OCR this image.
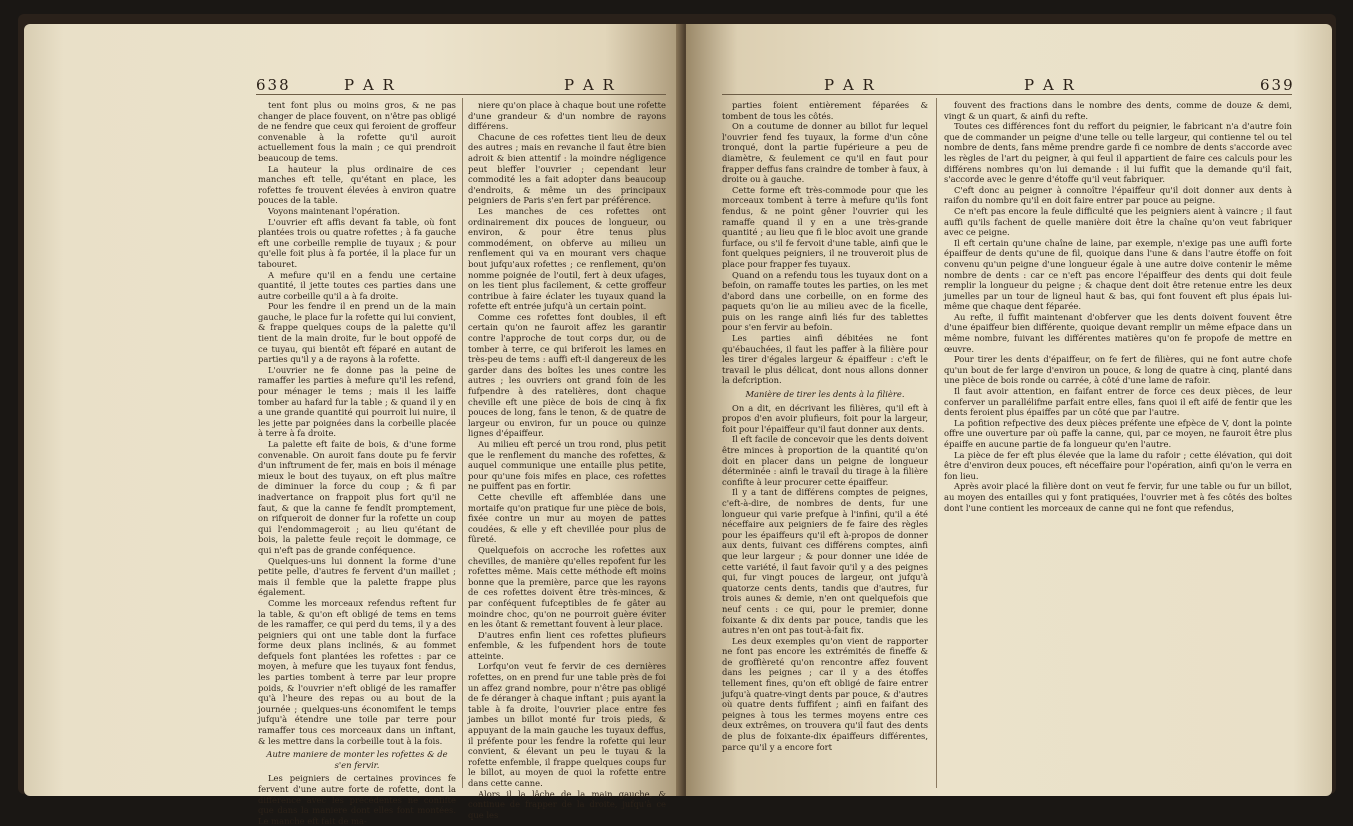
638	P A R	P A R

tent font plus ou moins gros, & ne pas changer de place fouvent, on n'être pas obligé de ne fendre que ceux qui feroient de groffeur convenable à la rofette qu'il auroit actuellement fous la main ; ce qui prendroit beaucoup de tems.

La hauteur la plus ordinaire de ces manches eft telle, qu'étant en place, les rofettes fe trouvent élevées à environ quatre pouces de la table.

Voyons maintenant l'opération.

L'ouvrier eft affis devant fa table, où font plantées trois ou quatre rofettes ; à fa gauche eft une corbeille remplie de tuyaux ; & pour qu'elle foit plus à fa portée, il la place fur un tabouret.

A mefure qu'il en a fendu une certaine quantité, il jette toutes ces parties dans une autre corbeille qu'il a à fa droite.

Pour les fendre il en prend un de la main gauche, le place fur la rofette qui lui convient, & frappe quelques coups de la palette qu'il tient de la main droite, fur le bout oppofé de ce tuyau, qui bientôt eft féparé en autant de parties qu'il y a de rayons à la rofette.

L'ouvrier ne fe donne pas la peine de ramaffer les parties à mefure qu'il les refend, pour ménager le tems ; mais il les laiffe tomber au hafard fur la table ; & quand il y en a une grande quantité qui pourroit lui nuire, il les jette par poignées dans la corbeille placée à terre à fa droite.

La palette eft faite de bois, & d'une forme convenable. On auroit fans doute pu fe fervir d'un inftrument de fer, mais en bois il ménage mieux le bout des tuyaux, on eft plus maître de diminuer la force du coup ; & fi par inadvertance on frappoit plus fort qu'il ne faut, & que la canne fe fendît promptement, on rifqueroit de donner fur la rofette un coup qui l'endommageroit ; au lieu qu'étant de bois, la palette feule reçoit le dommage, ce qui n'eft pas de grande conféquence.

Quelques-uns lui donnent la forme d'une petite pelle, d'autres fe fervent d'un maillet ; mais il femble que la palette frappe plus également.

Comme les morceaux refendus reftent fur la table, & qu'on eft obligé de tems en tems de les ramaffer, ce qui perd du tems, il y a des peigniers qui ont une table dont la furface forme deux plans inclinés, & au fommet defquels font plantées les rofettes : par ce moyen, à mefure que les tuyaux font fendus, les parties tombent à terre par leur propre poids, & l'ouvrier n'eft obligé de les ramaffer qu'à l'heure des repas ou au bout de la journée ; quelques-uns économifent le temps jufqu'à étendre une toile par terre pour ramaffer tous ces morceaux dans un inftant, & les mettre dans la corbeille tout à la fois.

Autre maniere de monter les rofettes & de s'en fervir.

Les peigniers de certaines provinces fe fervent d'une autre forte de rofette, dont la différence avec les précédentes ne confifte que dans la maniere dont elles font montées. Le manche eft fait de ma-

niere qu'on place à chaque bout une rofette d'une grandeur & d'un nombre de rayons différens.

Chacune de ces rofettes tient lieu de deux des autres ; mais en revanche il faut être bien adroit & bien attentif : la moindre négligence peut bleffer l'ouvrier ; cependant leur commodité les a fait adopter dans beaucoup d'endroits, & même un des principaux peigniers de Paris s'en fert par préférence.

Les manches de ces rofettes ont ordinairement dix pouces de longueur, ou environ, & pour être tenus plus commodément, on obferve au milieu un renflement qui va en mourant vers chaque bout jufqu'aux rofettes ; ce renflement, qu'on nomme poignée de l'outil, fert à deux ufages, on les tient plus facilement, & cette groffeur contribue à faire éclater les tuyaux quand la rofette eft entrée jufqu'à un certain point.

Comme ces rofettes font doubles, il eft certain qu'on ne fauroit affez les garantir contre l'approche de tout corps dur, ou de tomber à terre, ce qui briferoit les lames en très-peu de tems : auffi eft-il dangereux de les garder dans des boîtes les unes contre les autres ; les ouvriers ont grand foin de les fufpendre à des ratelières, dont chaque cheville eft une pièce de bois de cinq à fix pouces de long, fans le tenon, & de quatre de largeur ou environ, fur un pouce ou quinze lignes d'épaiffeur.

Au milieu eft percé un trou rond, plus petit que le renflement du manche des rofettes, & auquel communique une entaille plus petite, pour qu'une fois mifes en place, ces rofettes ne puiffent pas en fortir.

Cette cheville eft affemblée dans une mortaife qu'on pratique fur une pièce de bois, fixée contre un mur au moyen de pattes coudées, & elle y eft chevillée pour plus de fûreté.

Quelquefois on accroche les rofettes aux chevilles, de manière qu'elles repofent fur les rofettes même. Mais cette méthode eft moins bonne que la première, parce que les rayons de ces rofettes doivent être très-minces, & par conféquent fufceptibles de fe gâter au moindre choc, qu'on ne pourroit guère éviter en les ôtant & remettant fouvent à leur place.

D'autres enfin lient ces rofettes plufieurs enfemble, & les fufpendent hors de toute atteinte.

Lorfqu'on veut fe fervir de ces dernières rofettes, on en prend fur une table près de foi un affez grand nombre, pour n'être pas obligé de fe déranger à chaque inftant ; puis ayant la table à fa droite, l'ouvrier place entre fes jambes un billot monté fur trois pieds, & appuyant de la main gauche les tuyaux deffus, il préfente pour les fendre la rofette qui leur convient, & élevant un peu le tuyau & la rofette enfemble, il frappe quelques coups fur le billot, au moyen de quoi la rofette entre dans cette canne.

Alors il la lâche de la main gauche, & continue de frapper de la droite, jufqu'à ce que les

P A R	P A R	639

parties foient entièrement féparées & tombent de tous les côtés.

On a coutume de donner au billot fur lequel l'ouvrier fend fes tuyaux, la forme d'un cône tronqué, dont la partie fupérieure a peu de diamètre, & feulement ce qu'il en faut pour frapper deffus fans craindre de tomber à faux, à droite ou à gauche.

Cette forme eft très-commode pour que les morceaux tombent à terre à mefure qu'ils font fendus, & ne point gêner l'ouvrier qui les ramaffe quand il y en a une très-grande quantité ; au lieu que fi le bloc avoit une grande furface, ou s'il fe fervoit d'une table, ainfi que le font quelques peigniers, il ne trouveroit plus de place pour frapper fes tuyaux.

Quand on a refendu tous les tuyaux dont on a befoin, on ramaffe toutes les parties, on les met d'abord dans une corbeille, on en forme des paquets qu'on lie au milieu avec de la ficelle, puis on les range ainfi liés fur des tablettes pour s'en fervir au befoin.

Les parties ainfi débitées ne font qu'ébauchées, il faut les paffer à la filière pour les tirer d'égales largeur & épaiffeur : c'eft le travail le plus délicat, dont nous allons donner la defcription.

Manière de tirer les dents à la filière.

On a dit, en décrivant les filières, qu'il eft à propos d'en avoir plufieurs, foit pour la largeur, foit pour l'épaiffeur qu'il faut donner aux dents.

Il eft facile de concevoir que les dents doivent être minces à proportion de la quantité qu'on doit en placer dans un peigne de longueur déterminée : ainfi le travail du tirage à la filière confifte à leur procurer cette épaiffeur.

Il y a tant de différens comptes de peignes, c'eft-à-dire, de nombres de dents, fur une longueur qui varie prefque à l'infini, qu'il a été néceffaire aux peigniers de fe faire des règles pour les épaiffeurs qu'il eft à-propos de donner aux dents, fuivant ces différens comptes, ainfi que leur largeur ; & pour donner une idée de cette variété, il faut favoir qu'il y a des peignes qui, fur vingt pouces de largeur, ont jufqu'à quatorze cents dents, tandis que d'autres, fur trois aunes & demie, n'en ont quelquefois que neuf cents : ce qui, pour le premier, donne foixante & dix dents par pouce, tandis que les autres n'en ont pas tout-à-fait fix.

Les deux exemples qu'on vient de rapporter ne font pas encore les extrémités de fineffe & de groffièreté qu'on rencontre affez fouvent dans les peignes ; car il y a des étoffes tellement fines, qu'on eft obligé de faire entrer jufqu'à quatre-vingt dents par pouce, & d'autres où quatre dents fuffifent ; ainfi en faifant des peignes à tous les termes moyens entre ces deux extrêmes, on trouvera qu'il faut des dents de plus de foixante-dix épaiffeurs différentes, parce qu'il y a encore fort

fouvent des fractions dans le nombre des dents, comme de douze & demi, vingt & un quart, & ainfi du refte.

Toutes ces différences font du reffort du peignier, le fabricant n'a d'autre foin que de commander un peigne d'une telle ou telle largeur, qui contienne tel ou tel nombre de dents, fans même prendre garde fi ce nombre de dents s'accorde avec les règles de l'art du peigner, à qui feul il appartient de faire ces calculs pour les différens nombres qu'on lui demande : il lui fuffit que la demande qu'il fait, s'accorde avec le genre d'étoffe qu'il veut fabriquer.

C'eft donc au peigner à connoître l'épaiffeur qu'il doit donner aux dents à raifon du nombre qu'il en doit faire entrer par pouce au peigne.

Ce n'eft pas encore la feule difficulté que les peigniers aient à vaincre ; il faut auffi qu'ils fachent de quelle manière doit être la chaîne qu'on veut fabriquer avec ce peigne.

Il eft certain qu'une chaîne de laine, par exemple, n'exige pas une auffi forte épaiffeur de dents qu'une de fil, quoique dans l'une & dans l'autre étoffe on foit convenu qu'un peigne d'une longueur égale à une autre doive contenir le même nombre de dents : car ce n'eft pas encore l'épaiffeur des dents qui doit feule remplir la longueur du peigne ; & chaque dent doit être retenue entre les deux jumelles par un tour de ligneul haut & bas, qui font fouvent eft plus épais lui-même que chaque dent féparée.

Au refte, il fuffit maintenant d'obferver que les dents doivent fouvent être d'une épaiffeur bien différente, quoique devant remplir un même efpace dans un même nombre, fuivant les différentes matières qu'on fe propofe de mettre en œuvre.

Pour tirer les dents d'épaiffeur, on fe fert de filières, qui ne font autre chofe qu'un bout de fer large d'environ un pouce, & long de quatre à cinq, planté dans une pièce de bois ronde ou carrée, à côté d'une lame de rafoir.

Il faut avoir attention, en faifant entrer de force ces deux pièces, de leur conferver un parallélifme parfait entre elles, fans quoi il eft aifé de fentir que les dents feroient plus épaiffes par un côté que par l'autre.

La pofition refpective des deux pièces préfente une efpèce de V, dont la pointe offre une ouverture par où paffe la canne, qui, par ce moyen, ne fauroit être plus épaiffe en aucune partie de fa longueur qu'en l'autre.

La pièce de fer eft plus élevée que la lame du rafoir ; cette élévation, qui doit être d'environ deux pouces, eft néceffaire pour l'opération, ainfi qu'on le verra en fon lieu.

Après avoir placé la filière dont on veut fe fervir, fur une table ou fur un billot, au moyen des entailles qui y font pratiquées, l'ouvrier met à fes côtés des boîtes dont l'une contient les morceaux de canne qui ne font que refendus,
